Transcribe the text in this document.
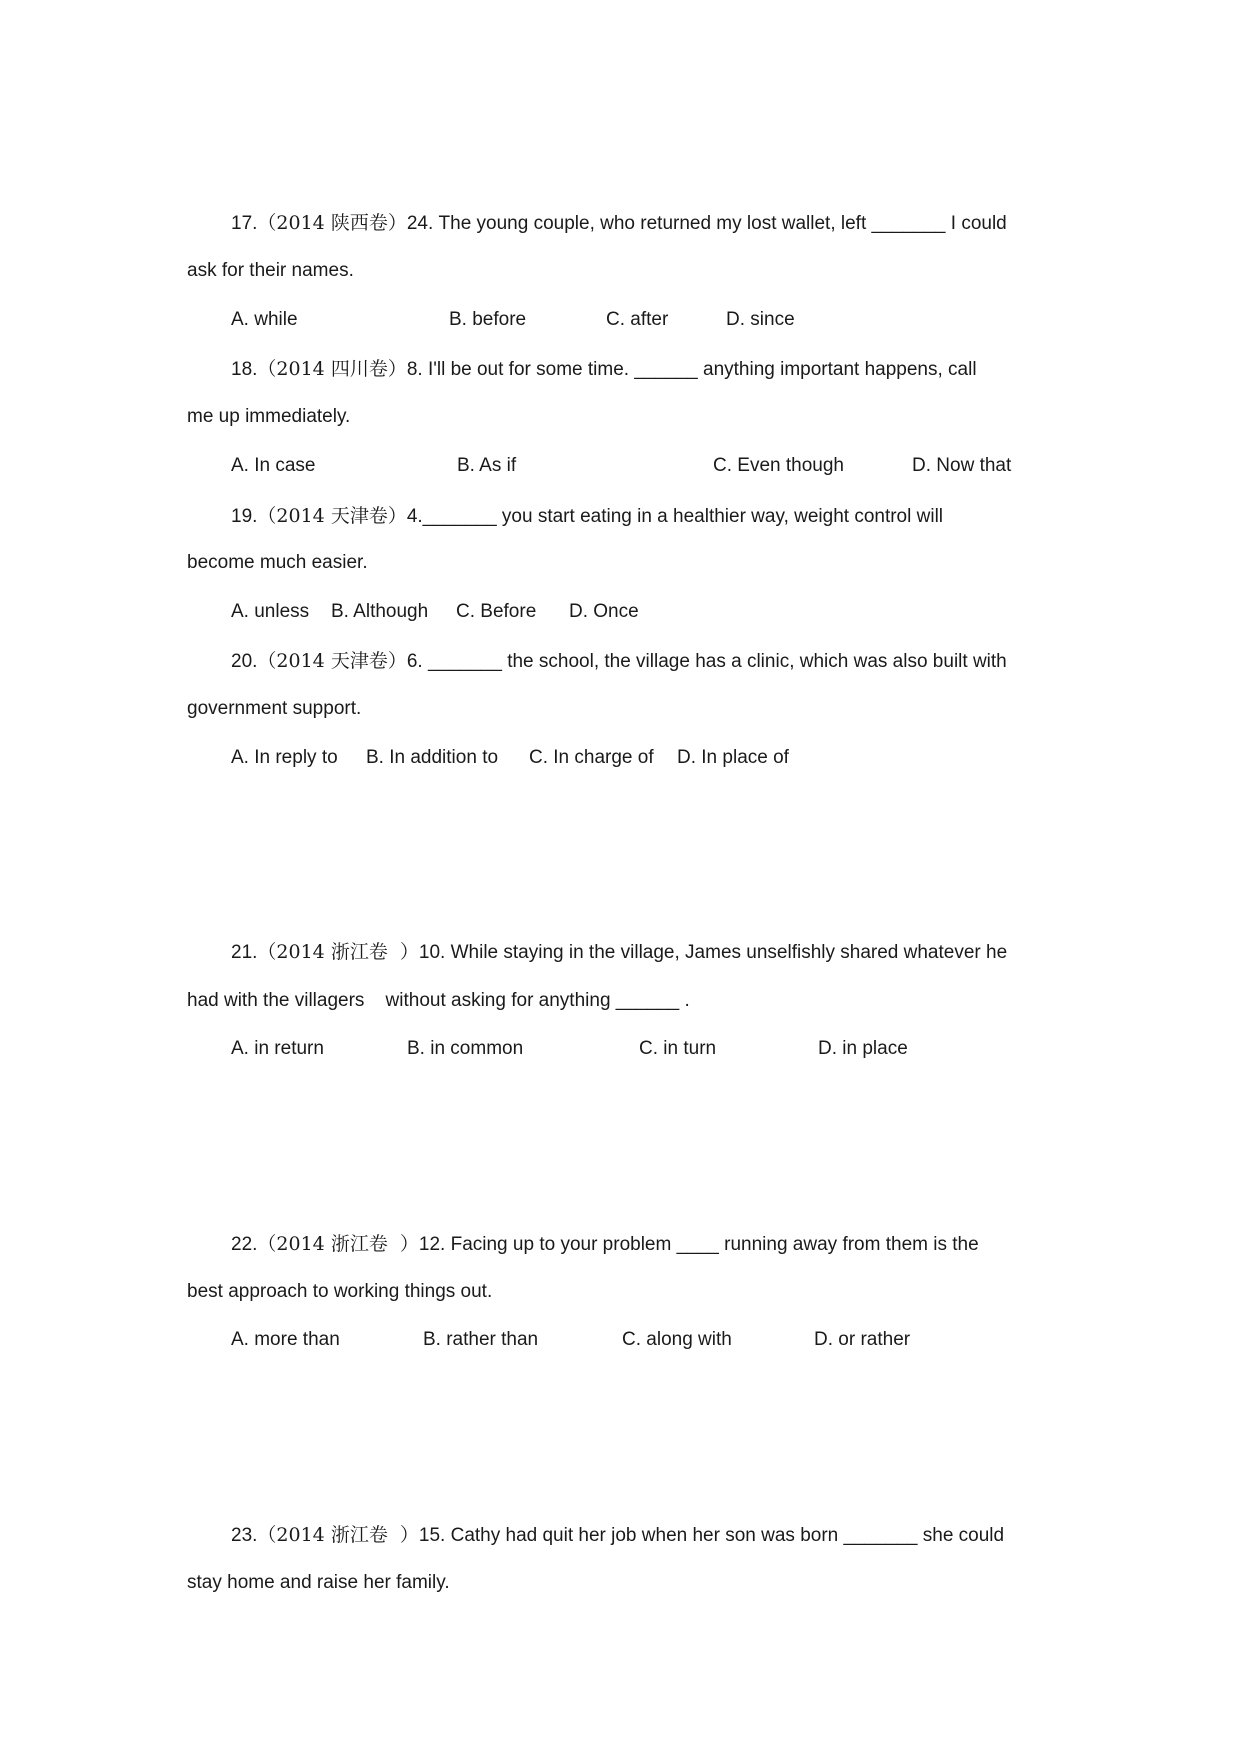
17.（2014 陕西卷）24. The young couple, who returned my lost wallet, left _______ I could
ask for their names.
A. while	B. before	C. after	D. since
18.（2014 四川卷）8. I'll be out for some time. ______ anything important happens, call
me up immediately.
A. In case	B. As if	C. Even though	D. Now that
19.（2014 天津卷）4._______ you start eating in a healthier way, weight control will
become much easier.
A. unless B. Although C. Before D. Once
20.（2014 天津卷）6. _______ the school, the village has a clinic, which was also built with
government support.
A. In reply to B. In addition to C. In charge of D. In place of
21.（2014 浙江卷  ）10. While staying in the village, James unselfishly shared whatever he
had with the villagers    without asking for anything ______ .
A. in return	B. in common	C. in turn	D. in place
22.（2014 浙江卷  ）12. Facing up to your problem ____ running away from them is the
best approach to working things out.
A. more than	B. rather than	C. along with	D. or rather
23.（2014 浙江卷  ）15. Cathy had quit her job when her son was born _______ she could
stay home and raise her family.
